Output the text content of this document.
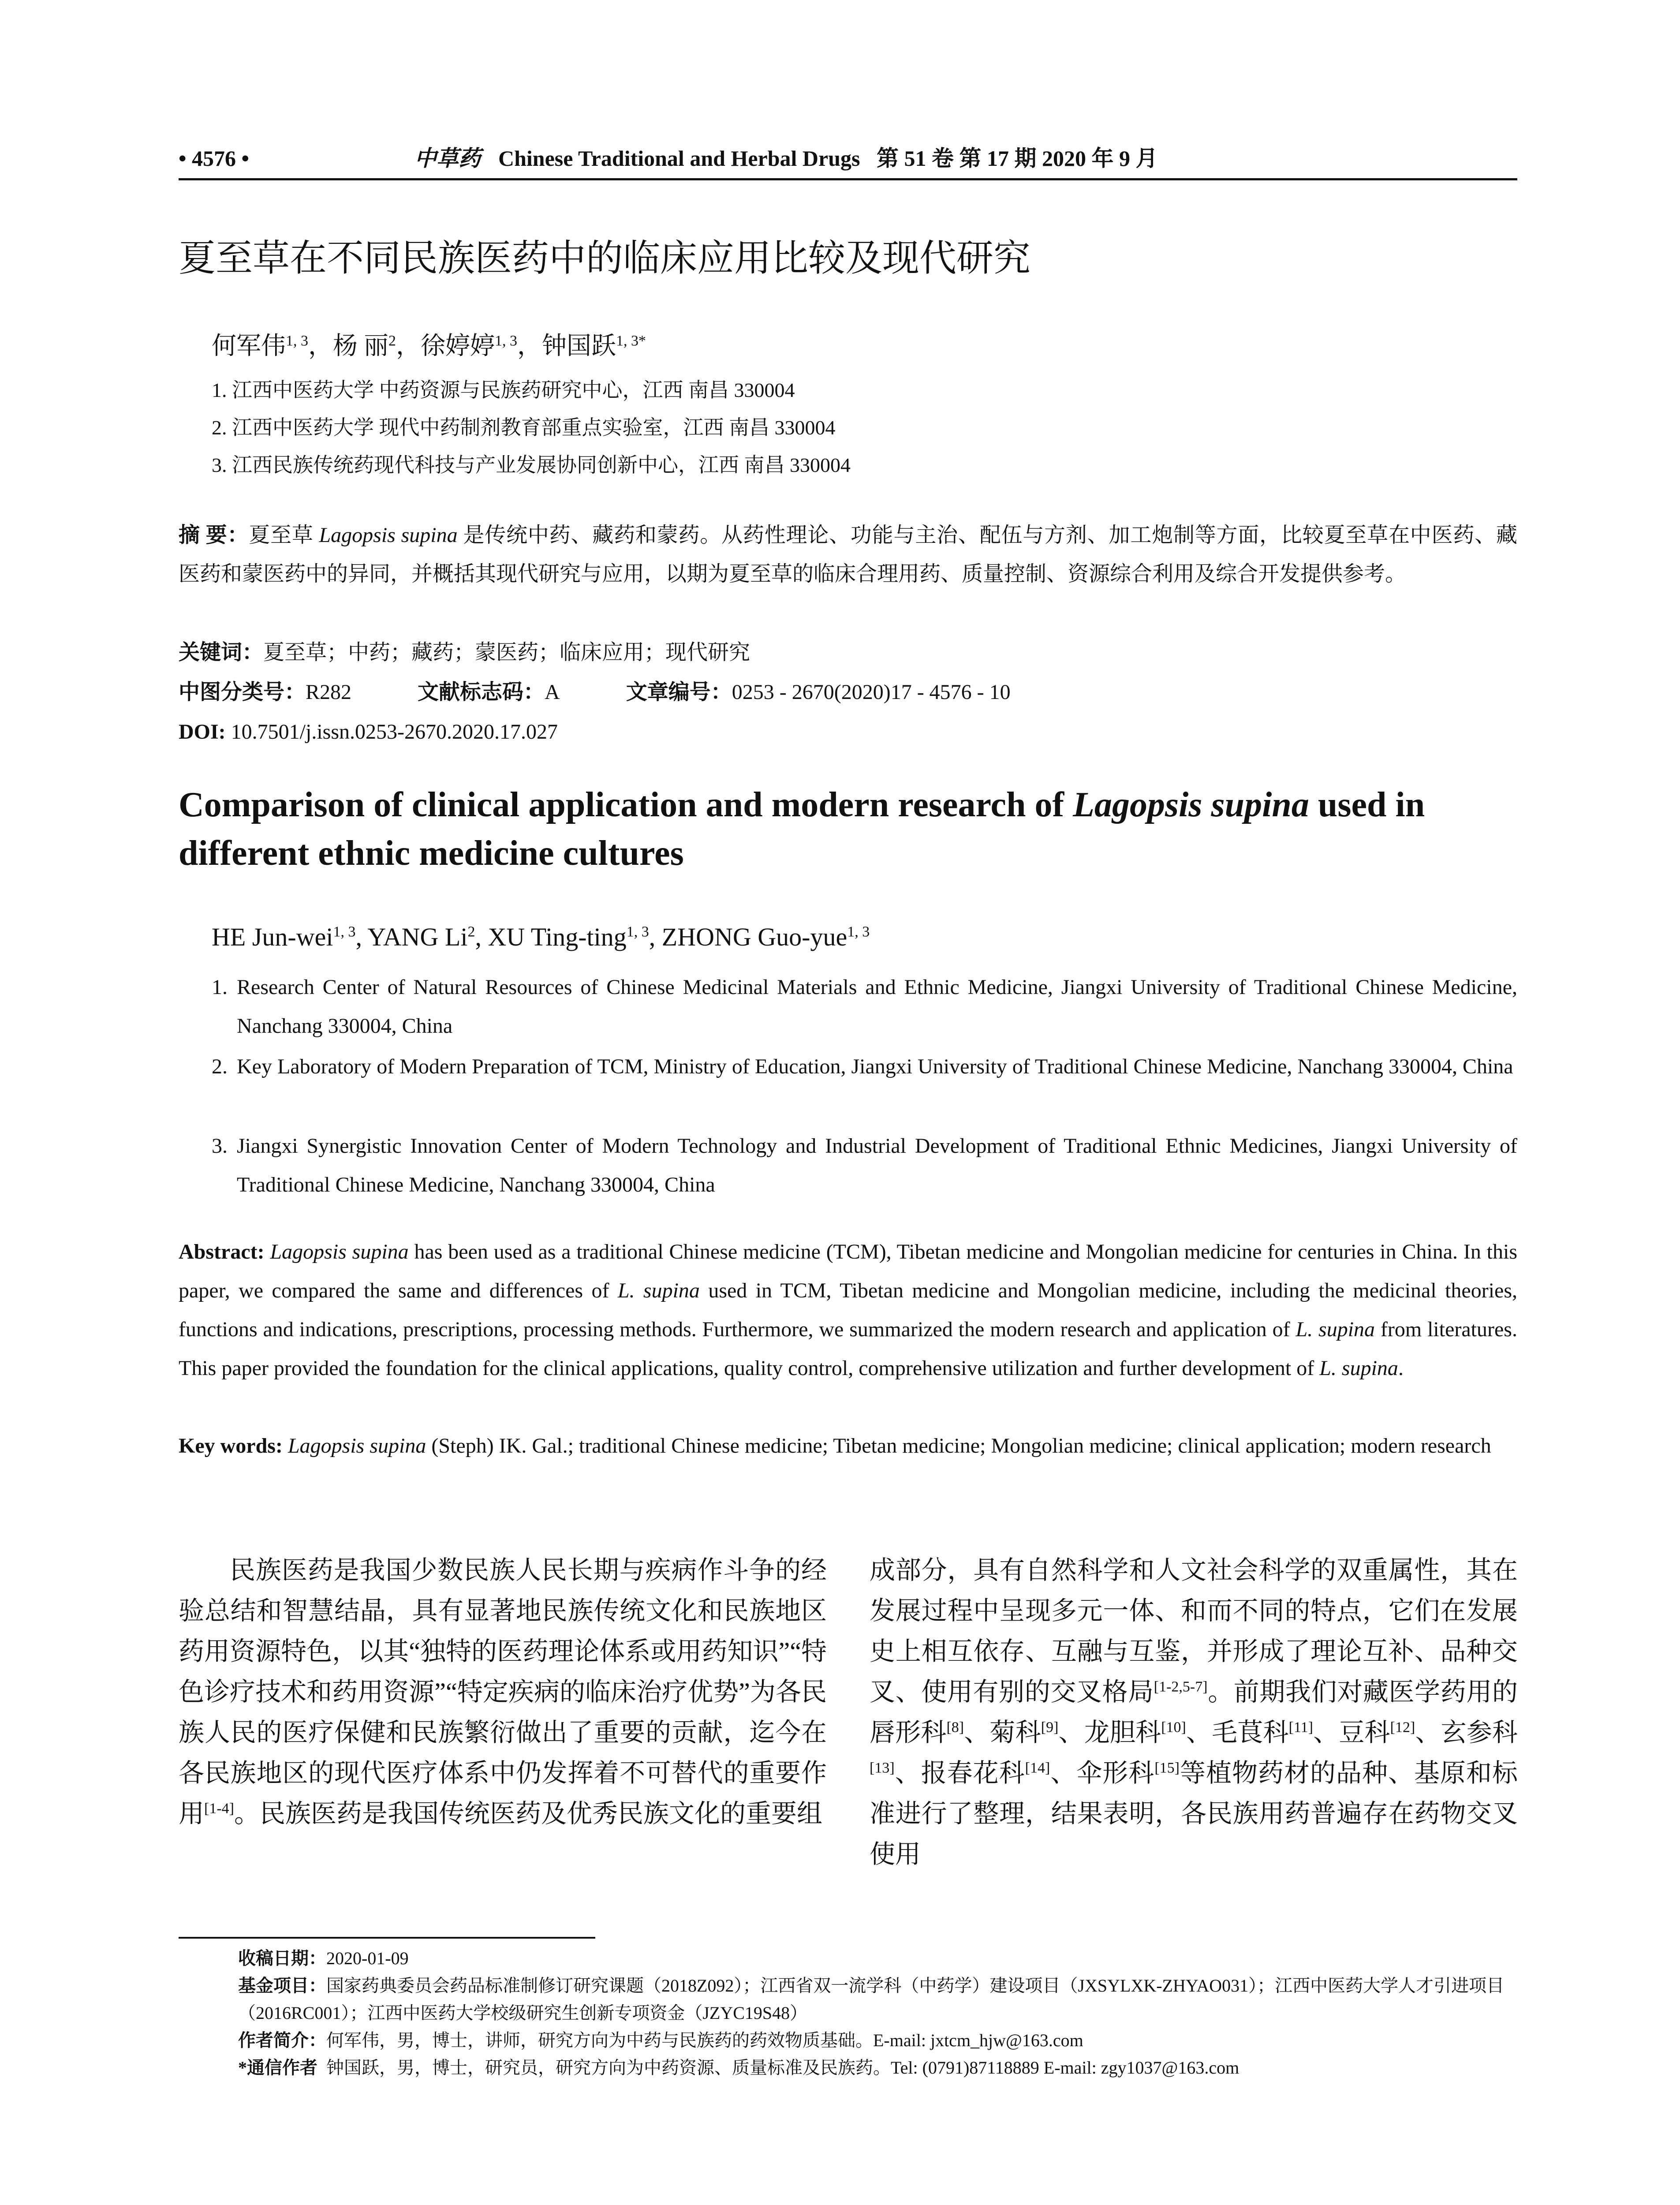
• 4576 •	中草药 Chinese Traditional and Herbal Drugs 第 51 卷 第 17 期 2020 年 9 月
夏至草在不同民族医药中的临床应用比较及现代研究
何军伟$^{1, 3}$，杨 丽$^2$，徐婷婷$^{1, 3}$，钟国跃$^{1, 3*}$
1. 江西中医药大学 中药资源与民族药研究中心，江西 南昌 330004
2. 江西中医药大学 现代中药制剂教育部重点实验室，江西 南昌 330004
3. 江西民族传统药现代科技与产业发展协同创新中心，江西 南昌 330004
摘 要：夏至草 Lagopsis supina 是传统中药、藏药和蒙药。从药性理论、功能与主治、配伍与方剂、加工炮制等方面，比较夏至草在中医药、藏医药和蒙医药中的异同，并概括其现代研究与应用，以期为夏至草的临床合理用药、质量控制、资源综合利用及综合开发提供参考。
关键词：夏至草；中药；藏药；蒙医药；临床应用；现代研究
中图分类号：R282	文献标志码：A	文章编号：0253 - 2670(2020)17 - 4576 - 10
DOI: 10.7501/j.issn.0253-2670.2020.17.027
Comparison of clinical application and modern research of Lagopsis supina used in different ethnic medicine cultures
HE Jun-wei$^{1, 3}$, YANG Li$^2$, XU Ting-ting$^{1, 3}$, ZHONG Guo-yue$^{1, 3}$
1. Research Center of Natural Resources of Chinese Medicinal Materials and Ethnic Medicine, Jiangxi University of Traditional Chinese Medicine, Nanchang 330004, China
2. Key Laboratory of Modern Preparation of TCM, Ministry of Education, Jiangxi University of Traditional Chinese Medicine, Nanchang 330004, China
3. Jiangxi Synergistic Innovation Center of Modern Technology and Industrial Development of Traditional Ethnic Medicines, Jiangxi University of Traditional Chinese Medicine, Nanchang 330004, China
Abstract: Lagopsis supina has been used as a traditional Chinese medicine (TCM), Tibetan medicine and Mongolian medicine for centuries in China. In this paper, we compared the same and differences of L. supina used in TCM, Tibetan medicine and Mongolian medicine, including the medicinal theories, functions and indications, prescriptions, processing methods. Furthermore, we summarized the modern research and application of L. supina from literatures. This paper provided the foundation for the clinical applications, quality control, comprehensive utilization and further development of L. supina.
Key words: Lagopsis supina (Steph) IK. Gal.; traditional Chinese medicine; Tibetan medicine; Mongolian medicine; clinical application; modern research
民族医药是我国少数民族人民长期与疾病作斗争的经验总结和智慧结晶，具有显著地民族传统文化和民族地区药用资源特色，以其“独特的医药理论体系或用药知识”“特色诊疗技术和药用资源”“特定疾病的临床治疗优势”为各民族人民的医疗保健和民族繁衍做出了重要的贡献，迄今在各民族地区的现代医疗体系中仍发挥着不可替代的重要作用[1-4]。民族医药是我国传统医药及优秀民族文化的重要组
成部分，具有自然科学和人文社会科学的双重属性，其在发展过程中呈现多元一体、和而不同的特点，它们在发展史上相互依存、互融与互鉴，并形成了理论互补、品种交叉、使用有别的交叉格局[1-2,5-7]。前期我们对藏医学药用的唇形科[8]、菊科[9]、龙胆科[10]、毛茛科[11]、豆科[12]、玄参科[13]、报春花科[14]、伞形科[15]等植物药材的品种、基原和标准进行了整理，结果表明，各民族用药普遍存在药物交叉使用
收稿日期：2020-01-09
基金项目：国家药典委员会药品标准制修订研究课题（2018Z092）；江西省双一流学科（中药学）建设项目（JXSYLXK-ZHYAO031）；江西中医药大学人才引进项目（2016RC001）；江西中医药大学校级研究生创新专项资金（JZYC19S48）
作者简介：何军伟，男，博士，讲师，研究方向为中药与民族药的药效物质基础。E-mail: jxtcm_hjw@163.com
*通信作者 钟国跃，男，博士，研究员，研究方向为中药资源、质量标准及民族药。Tel: (0791)87118889 E-mail: zgy1037@163.com
